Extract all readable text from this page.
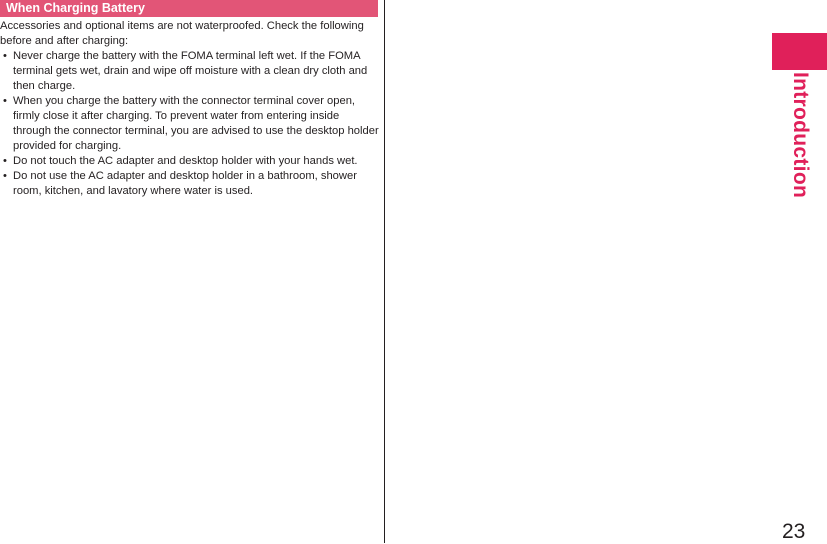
When Charging Battery

Accessories and optional items are not waterproofed. Check the following before and after charging:

• Never charge the battery with the FOMA terminal left wet. If the FOMA terminal gets wet, drain and wipe off moisture with a clean dry cloth and then charge.
• When you charge the battery with the connector terminal cover open, firmly close it after charging. To prevent water from entering inside through the connector terminal, you are advised to use the desktop holder provided for charging.
• Do not touch the AC adapter and desktop holder with your hands wet.
• Do not use the AC adapter and desktop holder in a bathroom, shower room, kitchen, and lavatory where water is used.	Introduction
23
